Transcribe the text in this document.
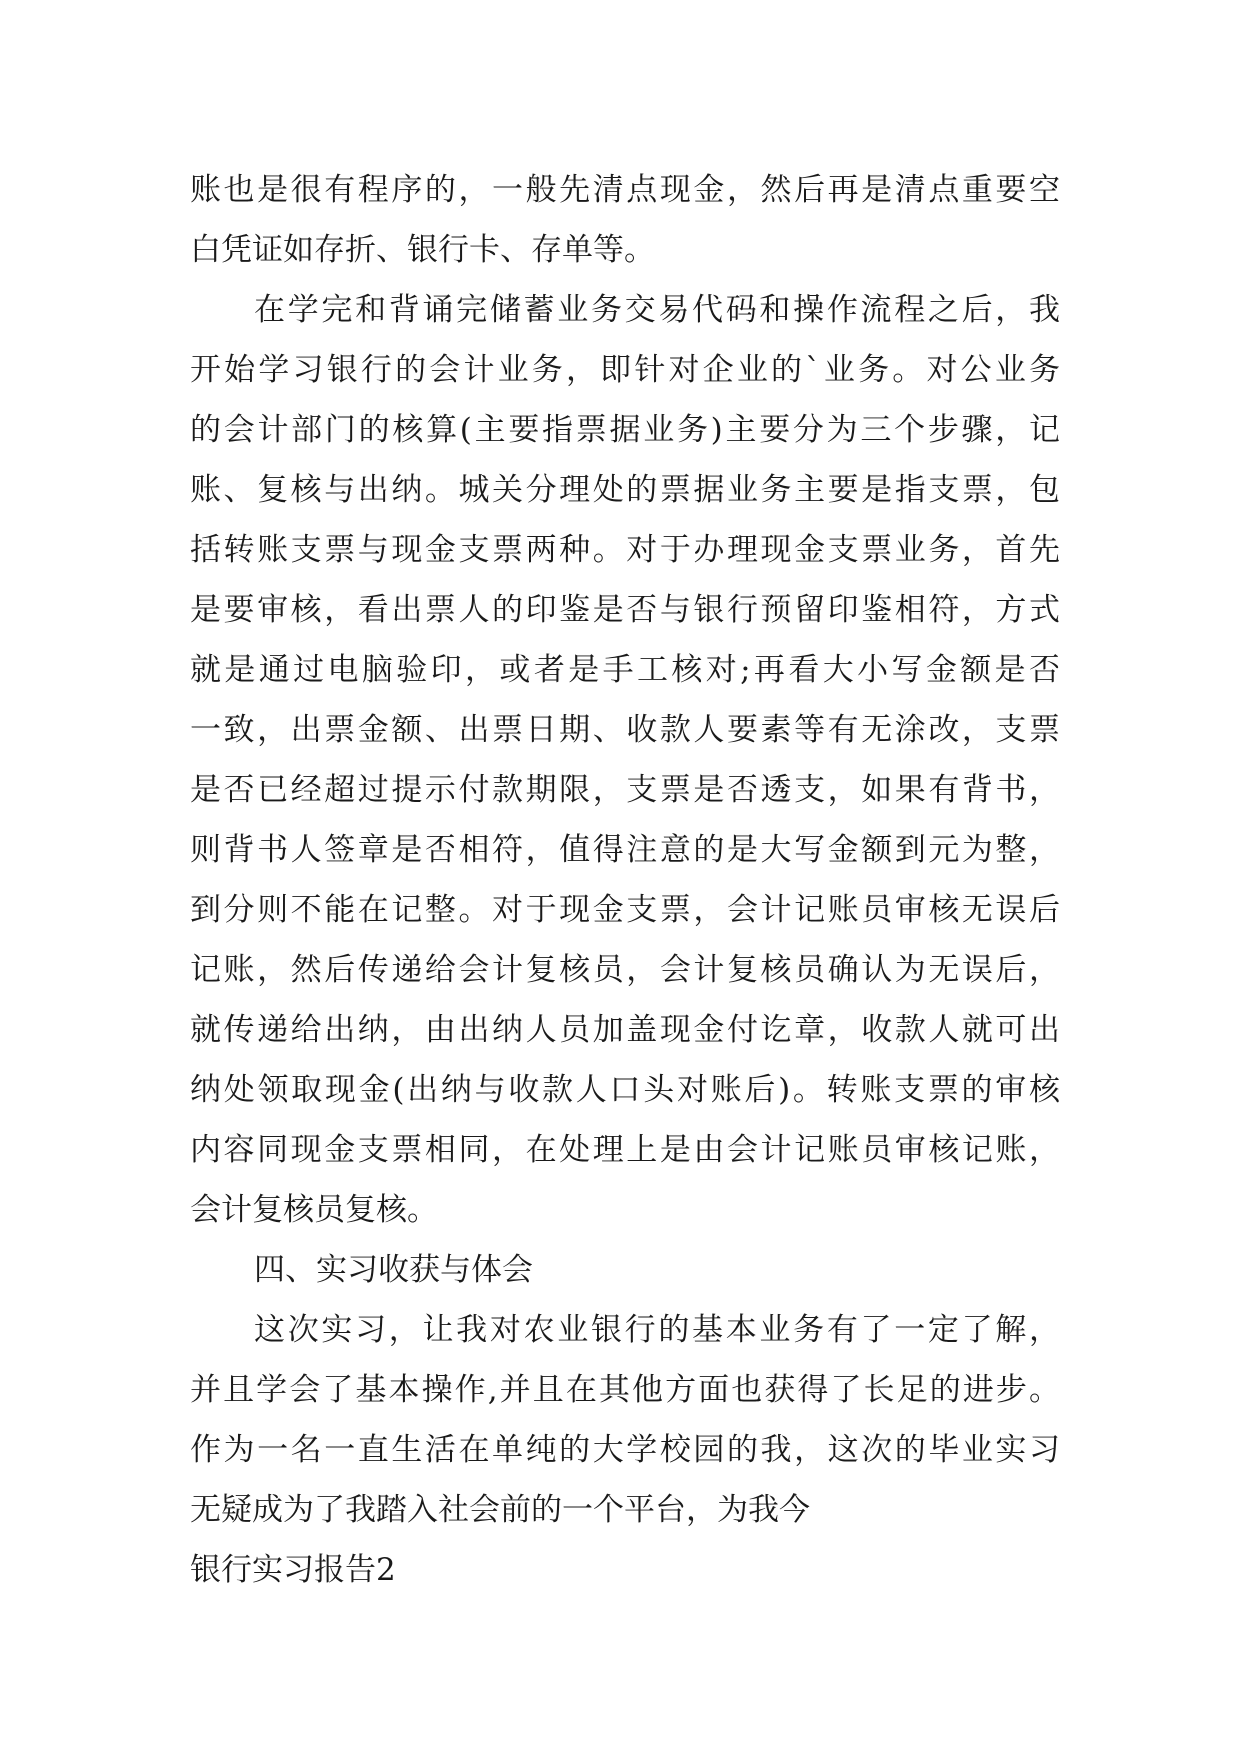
账也是很有程序的，一般先清点现金，然后再是清点重要空
白凭证如存折、银行卡、存单等。
在学完和背诵完储蓄业务交易代码和操作流程之后，我
开始学习银行的会计业务，即针对企业的`业务。对公业务
的会计部门的核算(主要指票据业务)主要分为三个步骤，记
账、复核与出纳。城关分理处的票据业务主要是指支票，包
括转账支票与现金支票两种。对于办理现金支票业务，首先
是要审核，看出票人的印鉴是否与银行预留印鉴相符，方式
就是通过电脑验印，或者是手工核对;再看大小写金额是否
一致，出票金额、出票日期、收款人要素等有无涂改，支票
是否已经超过提示付款期限，支票是否透支，如果有背书，
则背书人签章是否相符，值得注意的是大写金额到元为整，
到分则不能在记整。对于现金支票，会计记账员审核无误后
记账，然后传递给会计复核员，会计复核员确认为无误后，
就传递给出纳，由出纳人员加盖现金付讫章，收款人就可出
纳处领取现金(出纳与收款人口头对账后)。转账支票的审核
内容同现金支票相同，在处理上是由会计记账员审核记账，
会计复核员复核。
四、实习收获与体会
这次实习，让我对农业银行的基本业务有了一定了解，
并且学会了基本操作,并且在其他方面也获得了长足的进步。
作为一名一直生活在单纯的大学校园的我，这次的毕业实习
无疑成为了我踏入社会前的一个平台，为我今
银行实习报告2
